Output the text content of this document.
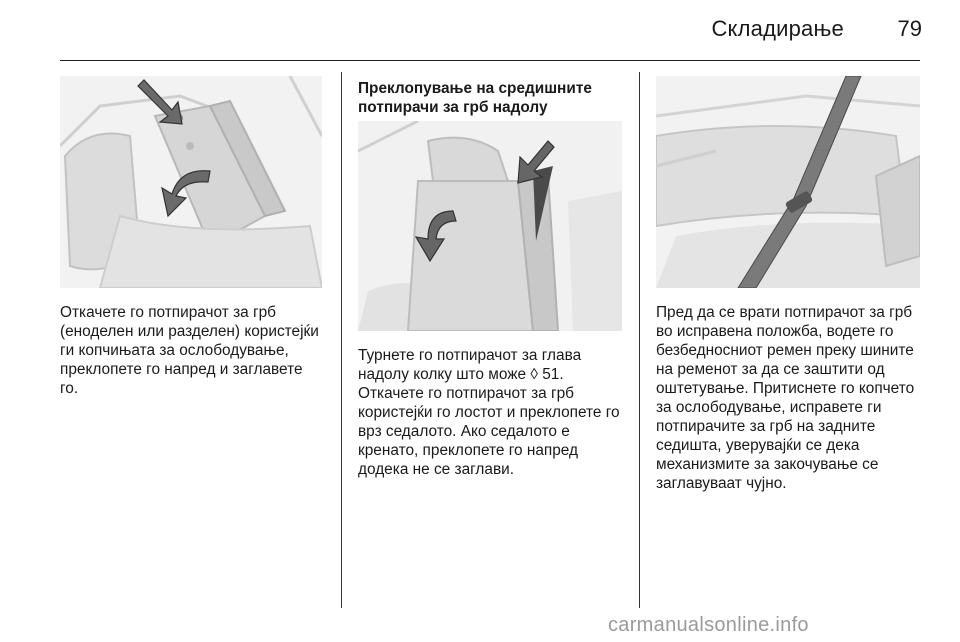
Складирање	79

Откачете го потпирачот за грб (еноделен или разделен) користејќи ги копчињата за ослободување, преклопете го напред и заглавете го.

Преклопување на средишните потпирачи за грб надолу

Турнете го потпирачот за глава надолу колку што може ◊ 51.
Откачете го потпирачот за грб користејќи го лостот и преклопете го врз седалото. Ако седалото е кренато, преклопете го напред додека не се заглави.

Пред да се врати потпирачот за грб во исправена положба, водете го безбедносниот ремен преку шините на ременот за да се заштити од оштетување. Притиснете го копчето за ослободување, исправете ги потпирачите за грб на задните седишта, уверувајќи се дека механизмите за закочување се заглавуваат чујно.

carmanualsonline.info
